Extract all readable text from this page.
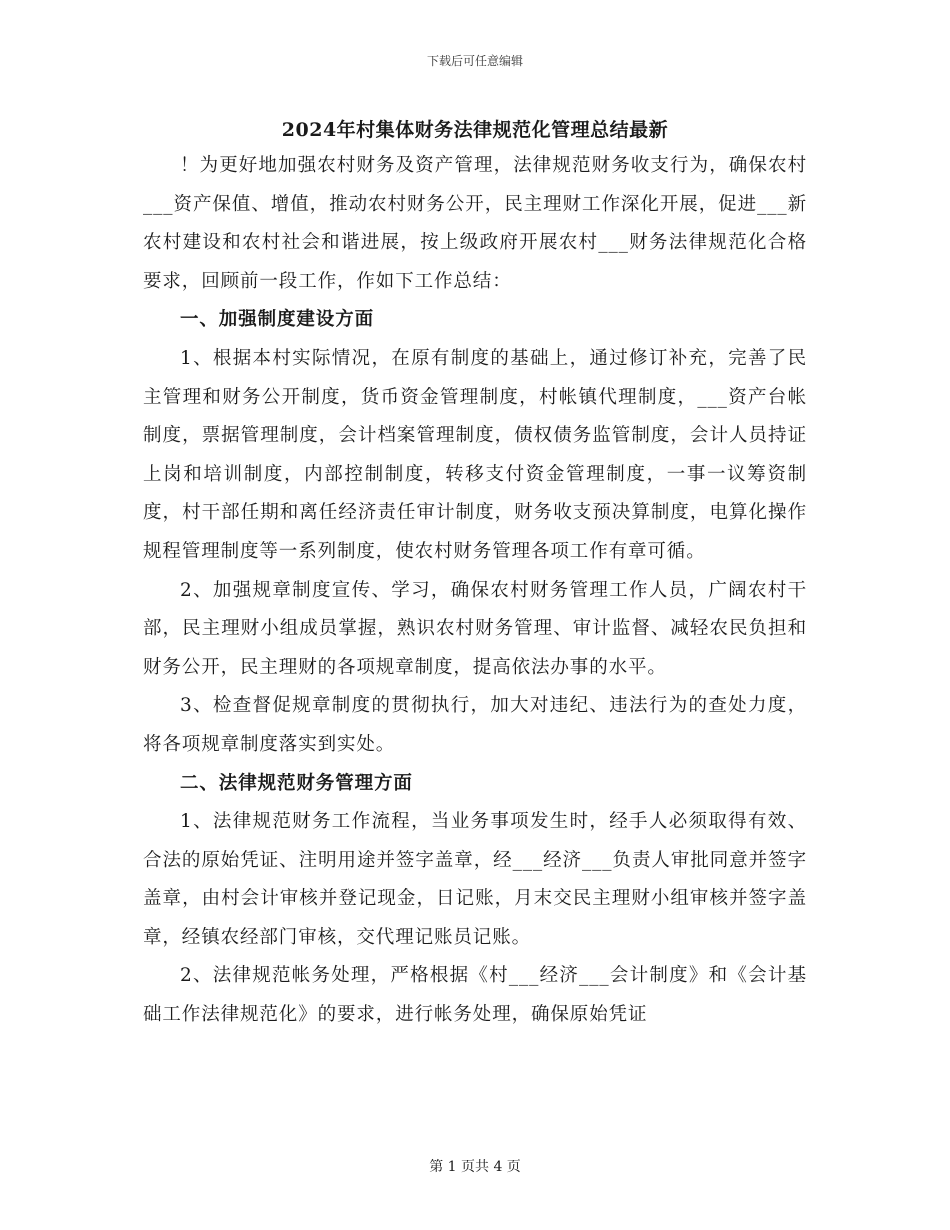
下载后可任意编辑
2024年村集体财务法律规范化管理总结最新

！为更好地加强农村财务及资产管理，法律规范财务收支行为，确保农村___资产保值、增值，推动农村财务公开，民主理财工作深化开展，促进___新农村建设和农村社会和谐进展，按上级政府开展农村___财务法律规范化合格要求，回顾前一段工作，作如下工作总结：

一、加强制度建设方面

1、根据本村实际情况，在原有制度的基础上，通过修订补充，完善了民主管理和财务公开制度，货币资金管理制度，村帐镇代理制度，___资产台帐制度，票据管理制度，会计档案管理制度，债权债务监管制度，会计人员持证上岗和培训制度，内部控制制度，转移支付资金管理制度，一事一议筹资制度，村干部任期和离任经济责任审计制度，财务收支预决算制度，电算化操作规程管理制度等一系列制度，使农村财务管理各项工作有章可循。

2、加强规章制度宣传、学习，确保农村财务管理工作人员，广阔农村干部，民主理财小组成员掌握，熟识农村财务管理、审计监督、减轻农民负担和财务公开，民主理财的各项规章制度，提高依法办事的水平。

3、检查督促规章制度的贯彻执行，加大对违纪、违法行为的查处力度，将各项规章制度落实到实处。

二、法律规范财务管理方面

1、法律规范财务工作流程，当业务事项发生时，经手人必须取得有效、合法的原始凭证、注明用途并签字盖章，经___经济___负责人审批同意并签字盖章，由村会计审核并登记现金，日记账，月末交民主理财小组审核并签字盖章，经镇农经部门审核，交代理记账员记账。

2、法律规范帐务处理，严格根据《村___经济___会计制度》和《会计基础工作法律规范化》的要求，进行帐务处理，确保原始凭证

第 1 页共 4 页
